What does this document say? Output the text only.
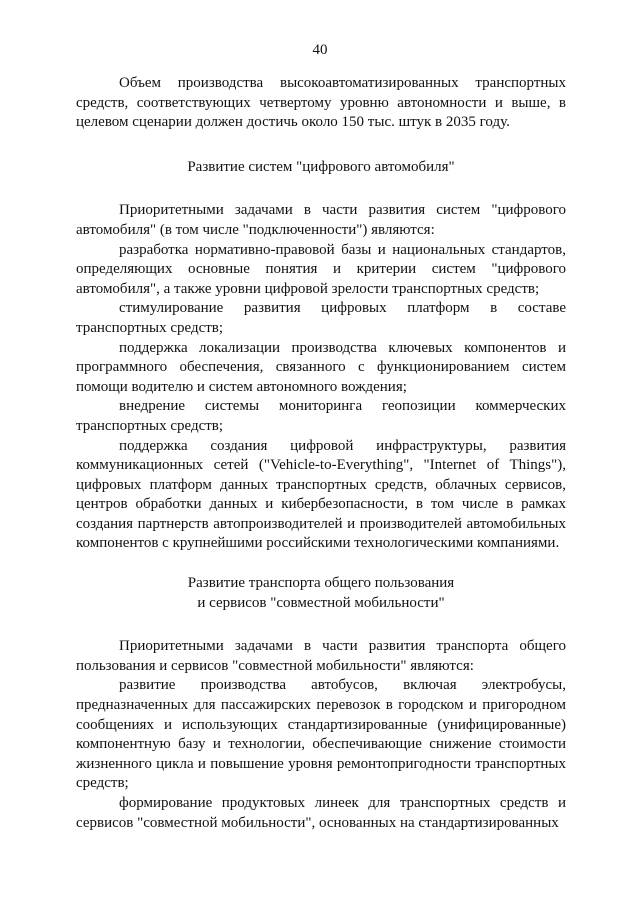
40

Объем производства высокоавтоматизированных транспортных средств, соответствующих четвертому уровню автономности и выше, в целевом сценарии должен достичь около 150 тыс. штук в 2035 году.

Развитие систем "цифрового автомобиля"

Приоритетными задачами в части развития систем "цифрового автомобиля" (в том числе "подключенности") являются:

разработка нормативно-правовой базы и национальных стандартов, определяющих основные понятия и критерии систем "цифрового автомобиля", а также уровни цифровой зрелости транспортных средств;

стимулирование развития цифровых платформ в составе транспортных средств;

поддержка локализации производства ключевых компонентов и программного обеспечения, связанного с функционированием систем помощи водителю и систем автономного вождения;

внедрение системы мониторинга геопозиции коммерческих транспортных средств;

поддержка создания цифровой инфраструктуры, развития коммуникационных сетей ("Vehicle-to-Everything", "Internet of Things"), цифровых платформ данных транспортных средств, облачных сервисов, центров обработки данных и кибербезопасности, в том числе в рамках создания партнерств автопроизводителей и производителей автомобильных компонентов с крупнейшими российскими технологическими компаниями.

Развитие транспорта общего пользования
и сервисов "совместной мобильности"

Приоритетными задачами в части развития транспорта общего пользования и сервисов "совместной мобильности" являются:

развитие производства автобусов, включая электробусы, предназначенных для пассажирских перевозок в городском и пригородном сообщениях и использующих стандартизированные (унифицированные) компонентную базу и технологии, обеспечивающие снижение стоимости жизненного цикла и повышение уровня ремонтопригодности транспортных средств;

формирование продуктовых линеек для транспортных средств и сервисов "совместной мобильности", основанных на стандартизированных
